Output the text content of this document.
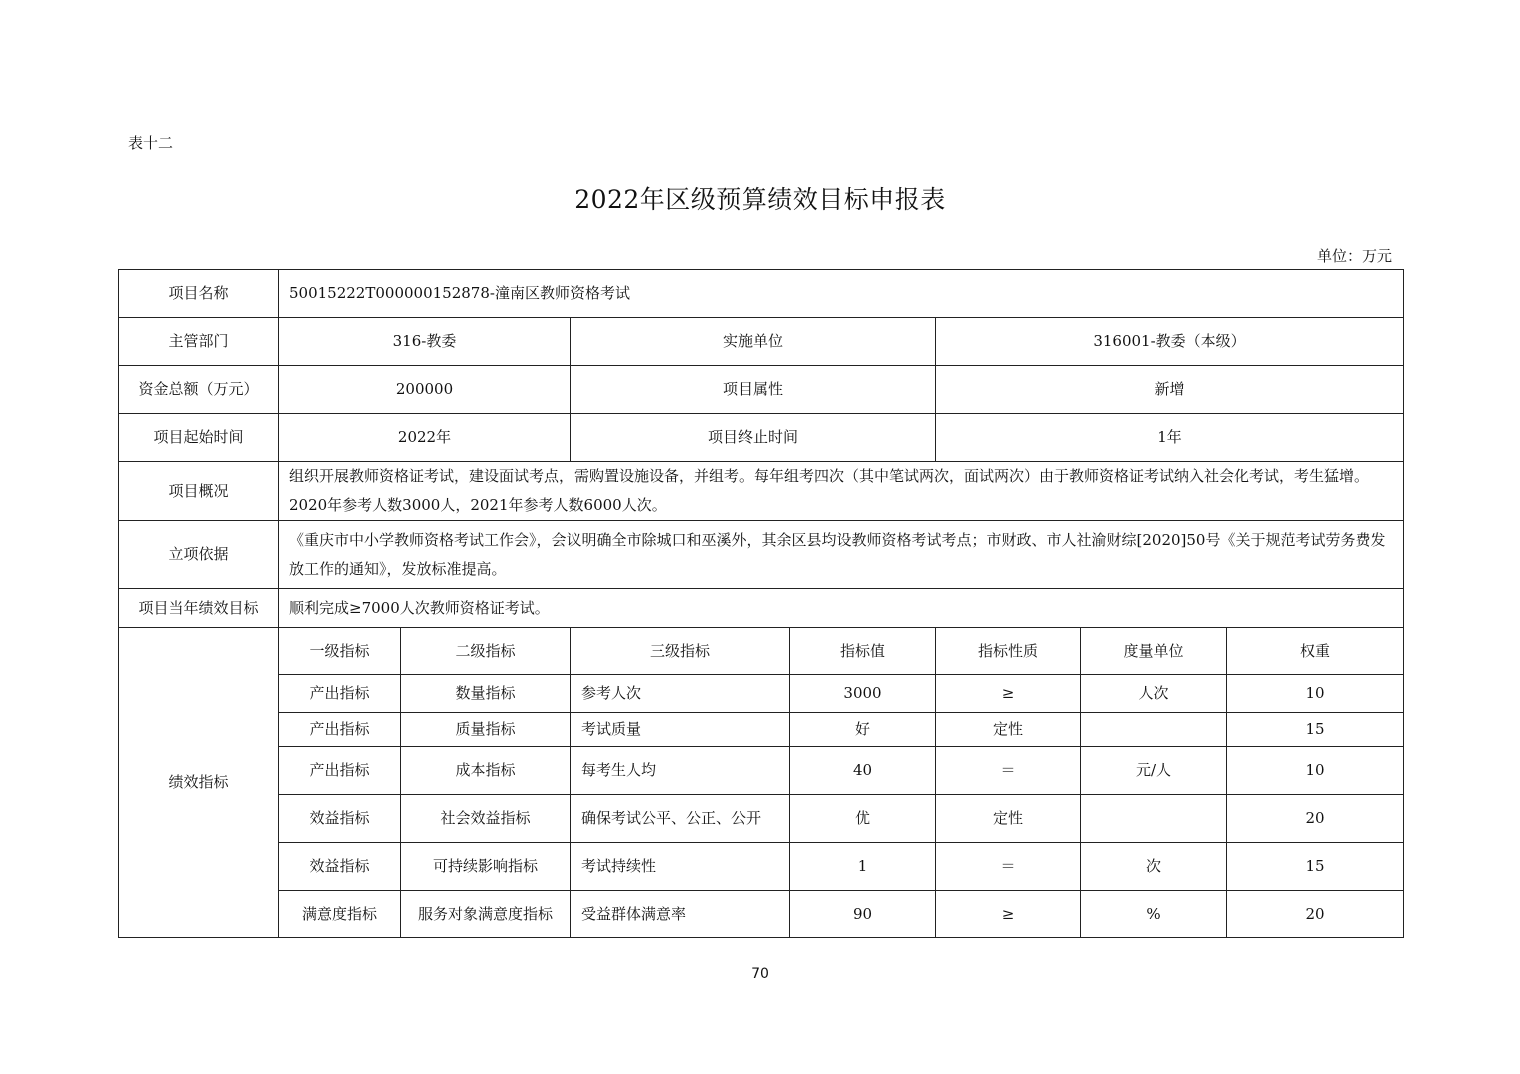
表十二
2022年区级预算绩效目标申报表
单位：万元
项目名称	50015222T000000152878-潼南区教师资格考试						
主管部门	316-教委		实施单位		316001-教委（本级）		
资金总额（万元）	200000		项目属性		新增		
项目起始时间	2022年		项目终止时间		1年		
项目概况	组织开展教师资格证考试，建设面试考点，需购置设施设备，并组考。每年组考四次（其中笔试两次，面试两次）由于教师资格证考试纳入社会化考试，考生猛增。2020年参考人数3000人，2021年参考人数6000人次。						
立项依据	《重庆市中小学教师资格考试工作会》，会议明确全市除城口和巫溪外，其余区县均设教师资格考试考点；市财政、市人社渝财综[2020]50号《关于规范考试劳务费发放工作的通知》，发放标准提高。						
项目当年绩效目标	顺利完成≥7000人次教师资格证考试。						
绩效指标	一级指标	二级指标	三级指标	指标值	指标性质	度量单位	权重
	产出指标	数量指标	参考人次	3000	≥	人次	10
	产出指标	质量指标	考试质量	好	定性		15
	产出指标	成本指标	每考生人均	40	＝	元/人	10
	效益指标	社会效益指标	确保考试公平、公正、公开	优	定性		20
	效益指标	可持续影响指标	考试持续性	1	＝	次	15
	满意度指标	服务对象满意度指标	受益群体满意率	90	≥	%	20
70
